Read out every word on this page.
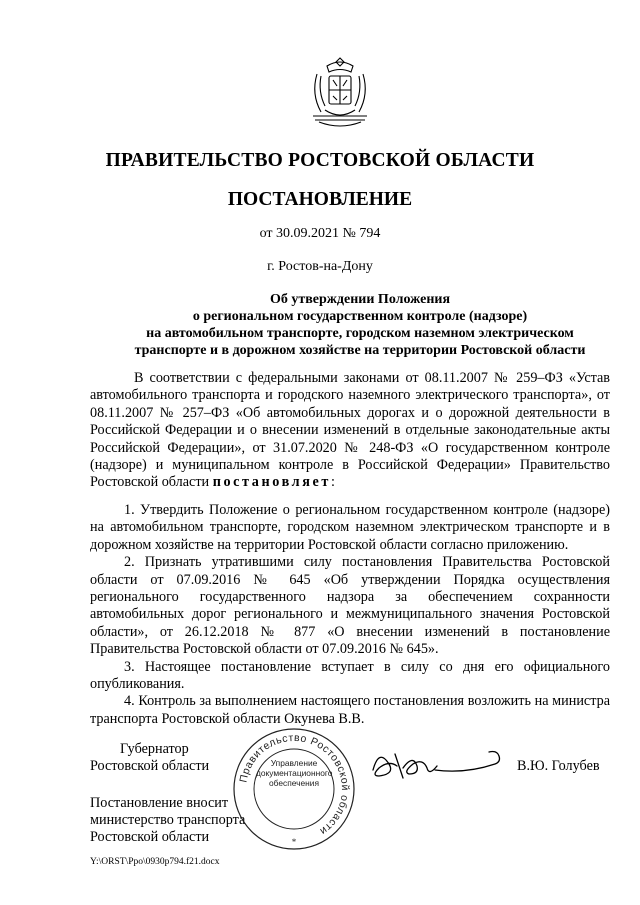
ПРАВИТЕЛЬСТВО РОСТОВСКОЙ ОБЛАСТИ
ПОСТАНОВЛЕНИЕ
от 30.09.2021 № 794
г. Ростов-на-Дону
Об утверждении Положения
о региональном государственном контроле (надзоре)
на автомобильном транспорте, городском наземном электрическом
транспорте и в дорожном хозяйстве на территории Ростовской области

В соответствии с федеральными законами от 08.11.2007 № 259–ФЗ «Устав автомобильного транспорта и городского наземного электрического транспорта», от 08.11.2007 № 257–ФЗ «Об автомобильных дорогах и о дорожной деятельности в Российской Федерации и о внесении изменений в отдельные законодательные акты Российской Федерации», от 31.07.2020 № 248-ФЗ «О государственном контроле (надзоре) и муниципальном контроле в Российской Федерации» Правительство Ростовской области постановляет:

1. Утвердить Положение о региональном государственном контроле (надзоре) на автомобильном транспорте, городском наземном электрическом транспорте и в дорожном хозяйстве на территории Ростовской области согласно приложению.

2. Признать утратившими силу постановления Правительства Ростовской области от 07.09.2016 № 645 «Об утверждении Порядка осуществления регионального государственного надзора за обеспечением сохранности автомобильных дорог регионального и межмуниципального значения Ростовской области», от 26.12.2018 № 877 «О внесении изменений в постановление Правительства Ростовской области от 07.09.2016 № 645».

3. Настоящее постановление вступает в силу со дня его официального опубликования.

4. Контроль за выполнением настоящего постановления возложить на министра транспорта Ростовской области Окунева В.В.

Губернатор
Ростовской области	В.Ю. Голубев
Постановление вносит
министерство транспорта
Ростовской области
Правительство Ростовской области
*
Управление
документационного
обеспечения
Y:\ORST\Ppo\0930p794.f21.docx
